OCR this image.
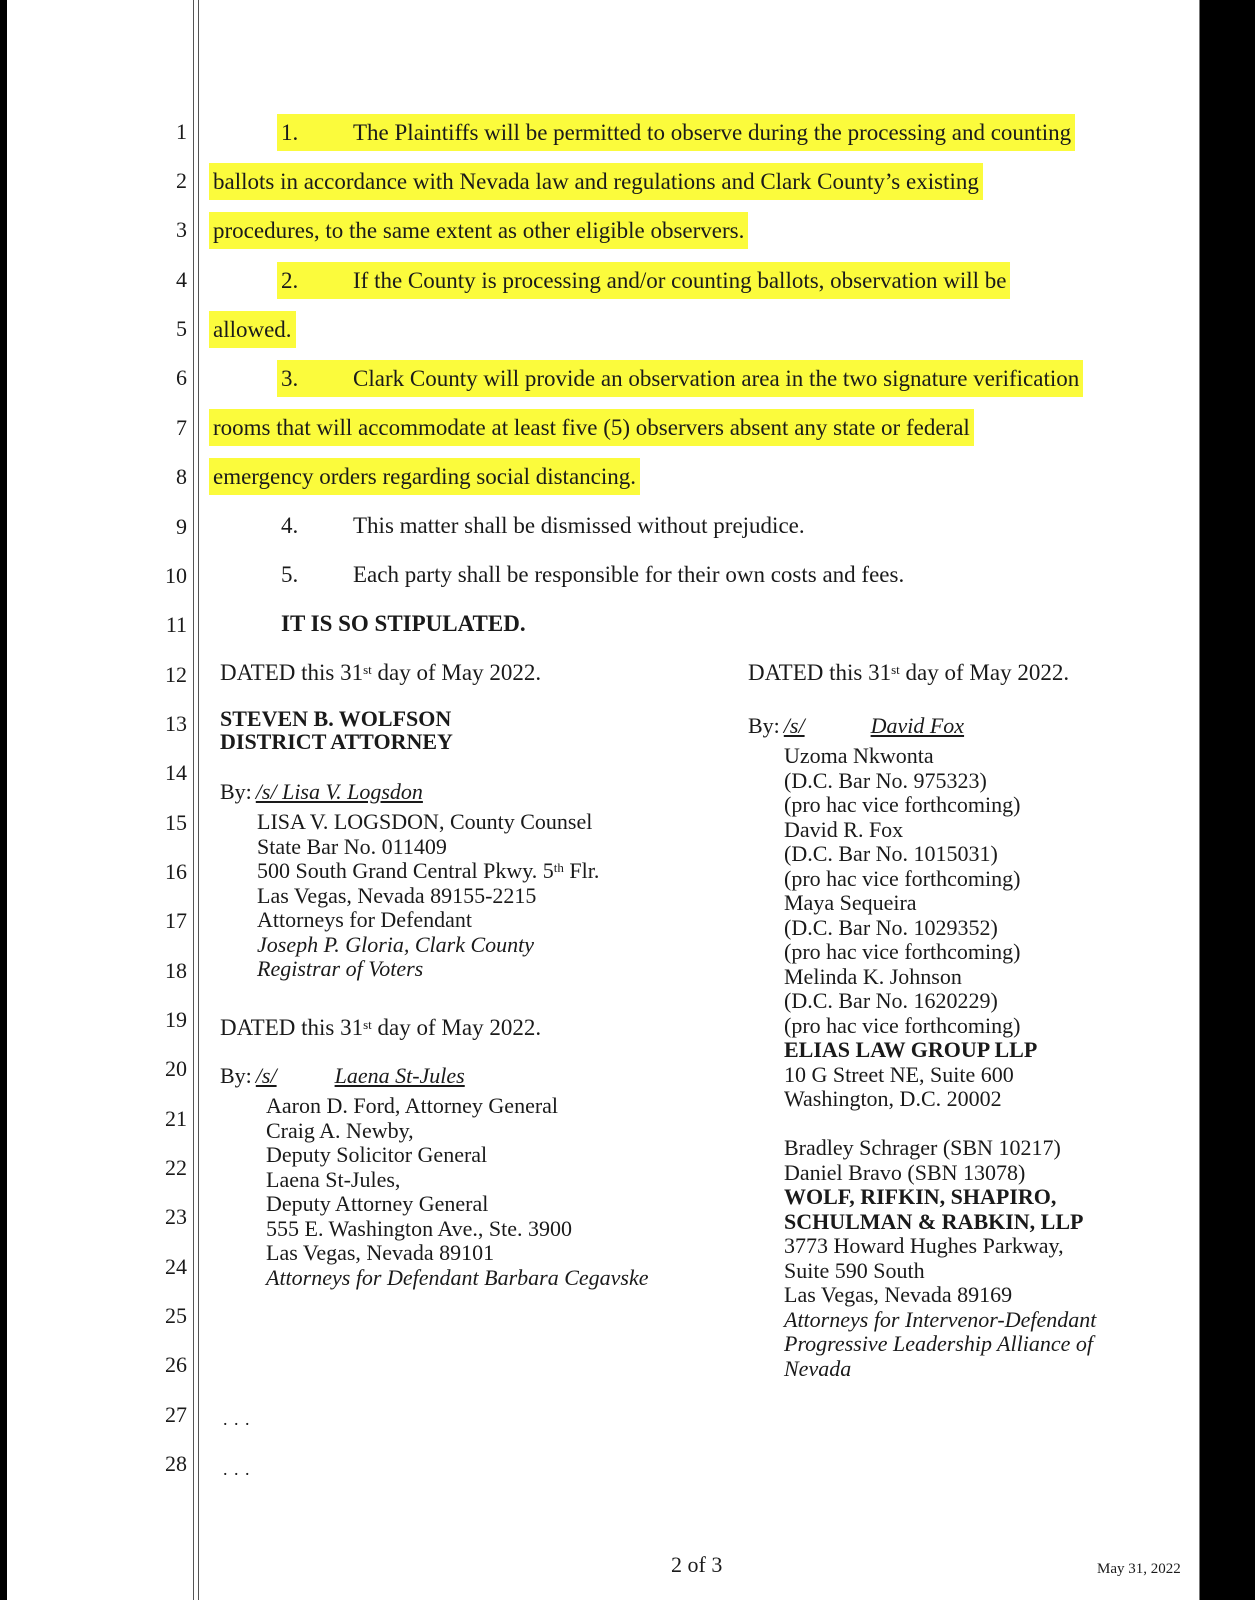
1
2
3
4
5
6
7
8
9
10
11
12
13
14
15
16
17
18
19
20
21
22
23
24
25
26
27
28
1. The Plaintiffs will be permitted to observe during the processing and counting
ballots in accordance with Nevada law and regulations and Clark County’s existing
procedures, to the same extent as other eligible observers.
2. If the County is processing and/or counting ballots, observation will be
allowed.
3. Clark County will provide an observation area in the two signature verification
rooms that will accommodate at least five (5) observers absent any state or federal
emergency orders regarding social distancing.
4. This matter shall be dismissed without prejudice.
5. Each party shall be responsible for their own costs and fees.
IT IS SO STIPULATED.
DATED this 31st day of May 2022.	DATED this 31st day of May 2022.
STEVEN B. WOLFSON
DISTRICT ATTORNEY
By: /s/ Lisa V. Logsdon
LISA V. LOGSDON, County Counsel
State Bar No. 011409
500 South Grand Central Pkwy. 5th Flr.
Las Vegas, Nevada 89155-2215
Attorneys for Defendant
Joseph P. Gloria, Clark County
Registrar of Voters
DATED this 31st day of May 2022.
By: /s/	Laena St-Jules
Aaron D. Ford, Attorney General
Craig A. Newby,
Deputy Solicitor General
Laena St-Jules,
Deputy Attorney General
555 E. Washington Ave., Ste. 3900
Las Vegas, Nevada 89101
Attorneys for Defendant Barbara Cegavske
By: /s/	David Fox
Uzoma Nkwonta
(D.C. Bar No. 975323)
(pro hac vice forthcoming)
David R. Fox
(D.C. Bar No. 1015031)
(pro hac vice forthcoming)
Maya Sequeira
(D.C. Bar No. 1029352)
(pro hac vice forthcoming)
Melinda K. Johnson
(D.C. Bar No. 1620229)
(pro hac vice forthcoming)
ELIAS LAW GROUP LLP
10 G Street NE, Suite 600
Washington, D.C. 20002

Bradley Schrager (SBN 10217)
Daniel Bravo (SBN 13078)
WOLF, RIFKIN, SHAPIRO,
SCHULMAN & RABKIN, LLP
3773 Howard Hughes Parkway,
Suite 590 South
Las Vegas, Nevada 89169
Attorneys for Intervenor-Defendant
Progressive Leadership Alliance of
Nevada
. . .
. . .
2 of 3	May 31, 2022
